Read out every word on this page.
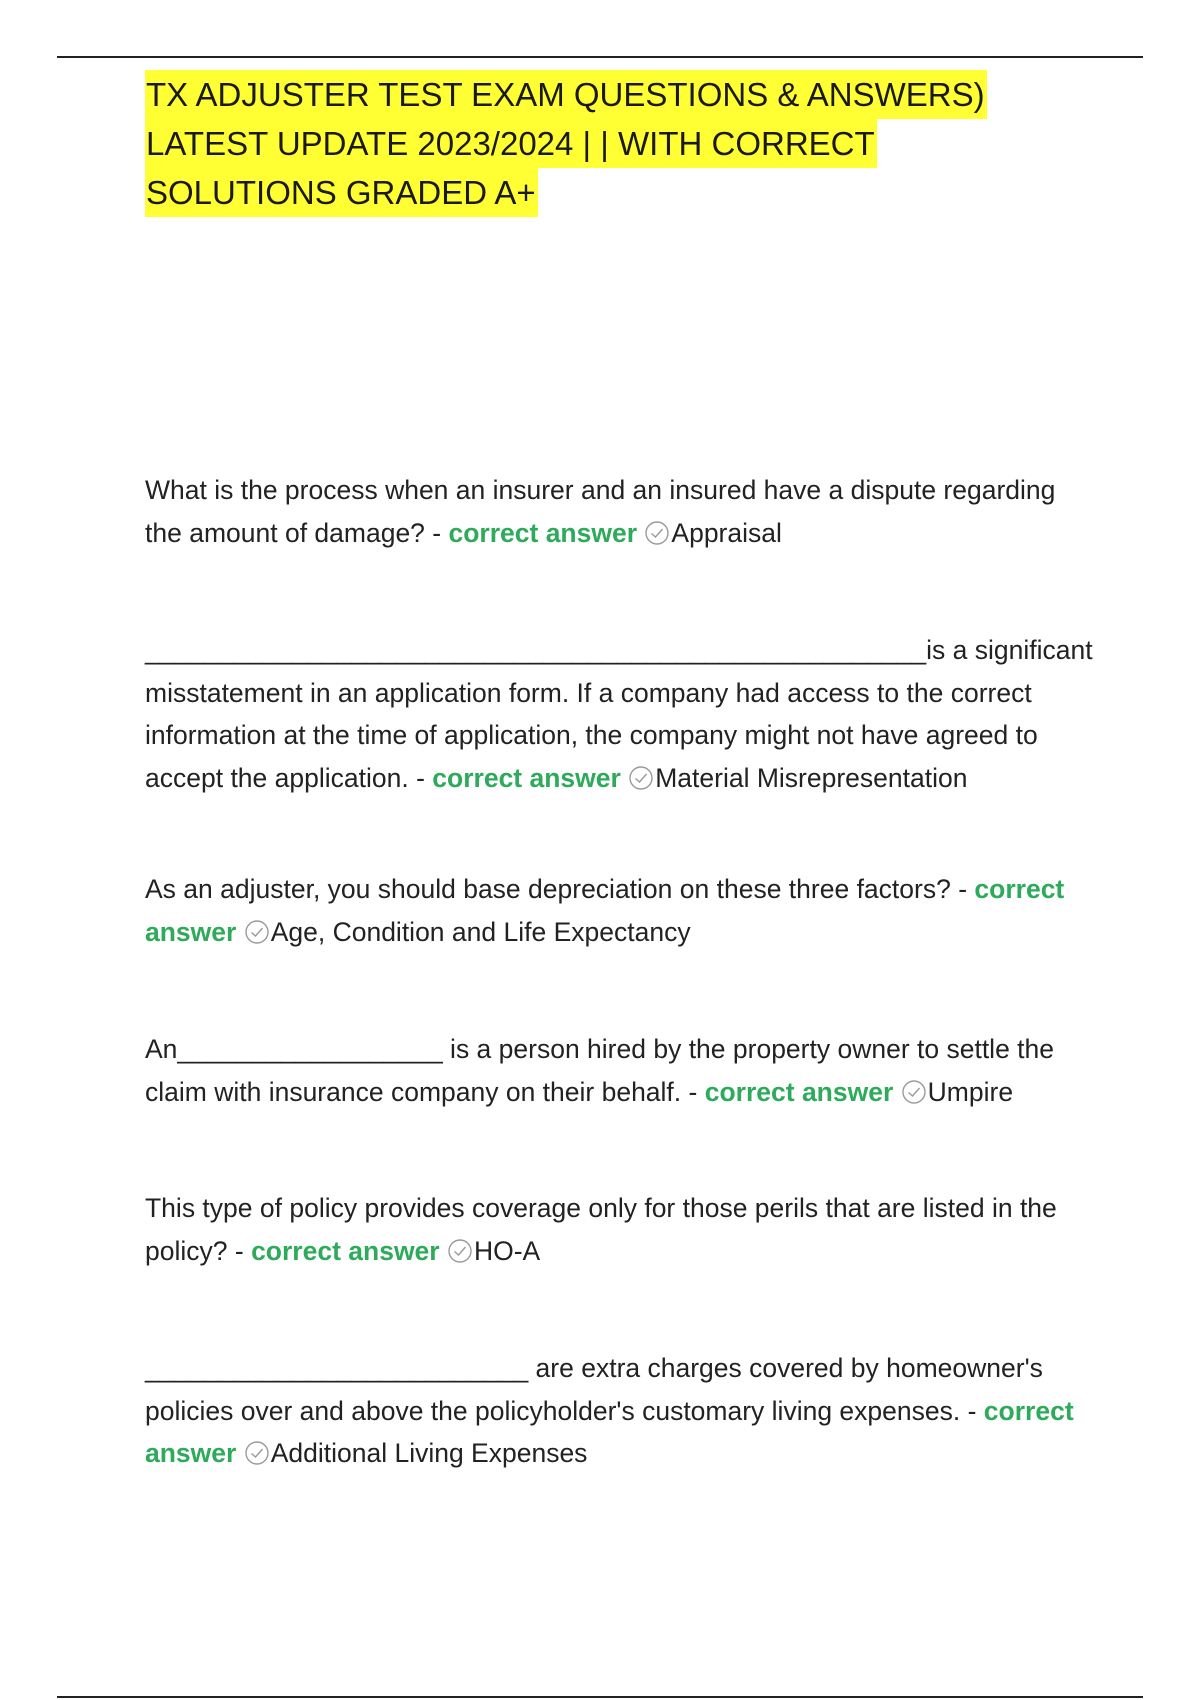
TX ADJUSTER TEST EXAM QUESTIONS & ANSWERS)
LATEST UPDATE 2023/2024 | | WITH CORRECT
SOLUTIONS GRADED A+
What is the process when an insurer and an insured have a dispute regarding the amount of damage? - correct answer Appraisal
_____________________________________________________is a significant misstatement in an application form. If a company had access to the correct information at the time of application, the company might not have agreed to accept the application. - correct answer Material Misrepresentation
As an adjuster, you should base depreciation on these three factors? - correct answer Age, Condition and Life Expectancy
An__________________ is a person hired by the property owner to settle the claim with insurance company on their behalf. - correct answer Umpire
This type of policy provides coverage only for those perils that are listed in the policy? - correct answer HO-A
__________________________ are extra charges covered by homeowner's policies over and above the policyholder's customary living expenses. - correct answer Additional Living Expenses
